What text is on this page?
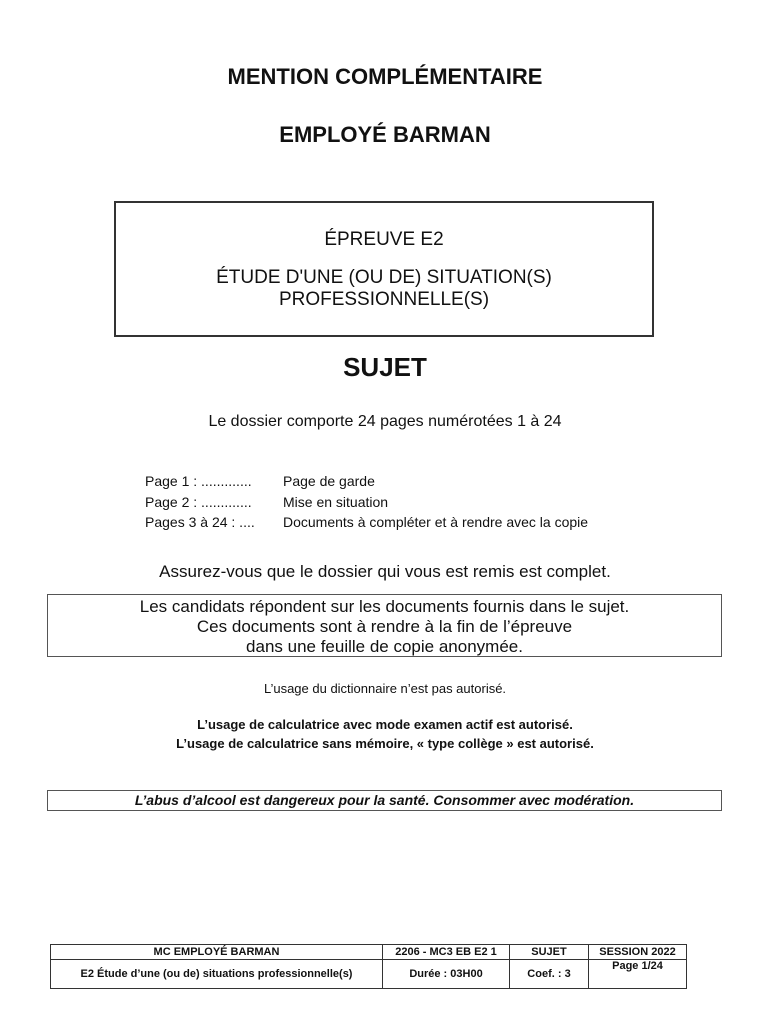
MENTION COMPLÉMENTAIRE
EMPLOYÉ BARMAN
ÉPREUVE E2
ÉTUDE D'UNE (OU DE) SITUATION(S)
PROFESSIONNELLE(S)
SUJET
Le dossier comporte 24 pages numérotées 1 à 24
Page 1 : .............	Page de garde
Page 2 : .............	Mise en situation
Pages 3 à 24 : ....	Documents à compléter et à rendre avec la copie
Assurez-vous que le dossier qui vous est remis est complet.
Les candidats répondent sur les documents fournis dans le sujet.
Ces documents sont à rendre à la fin de l’épreuve
dans une feuille de copie anonymée.
L’usage du dictionnaire n’est pas autorisé.
L’usage de calculatrice avec mode examen actif est autorisé.
L’usage de calculatrice sans mémoire, « type collège » est autorisé.
L’abus d’alcool est dangereux pour la santé. Consommer avec modération.
MC EMPLOYÉ BARMAN	2206 - MC3 EB E2 1	SUJET	SESSION 2022
E2 Étude d’une (ou de) situations professionnelle(s)	Durée : 03H00	Coef. : 3	Page 1/24
